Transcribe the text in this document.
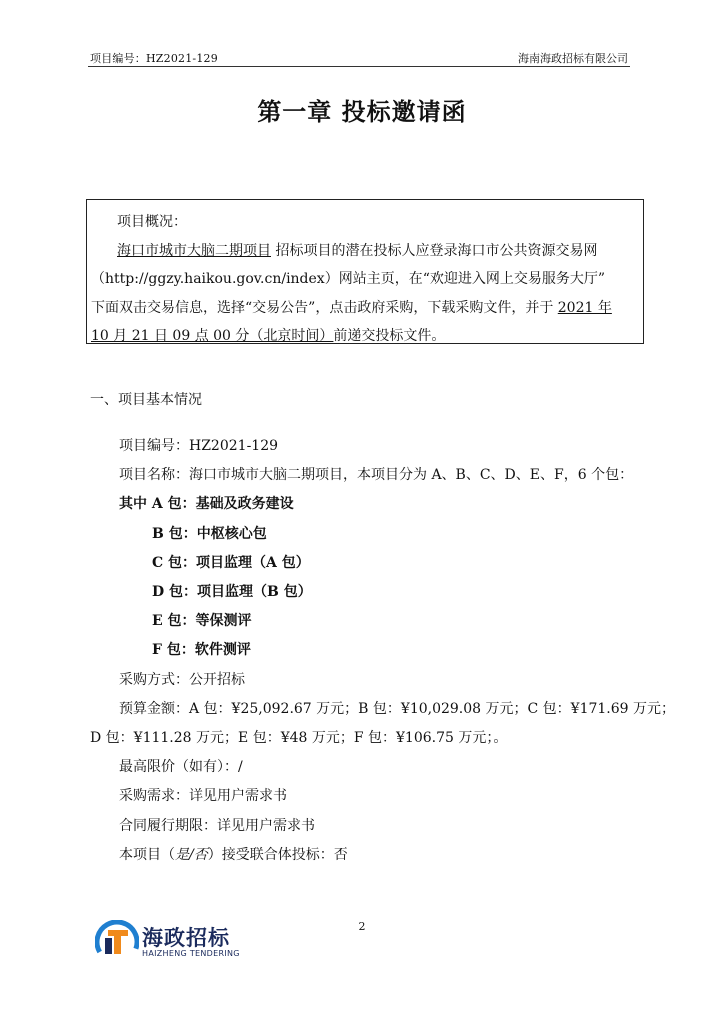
项目编号：HZ2021-129	海南海政招标有限公司
第一章 投标邀请函

项目概况：

海口市城市大脑二期项目 招标项目的潜在投标人应登录海口市公共资源交易网

（http://ggzy.haikou.gov.cn/index）网站主页，在“欢迎进入网上交易服务大厅”

下面双击交易信息，选择“交易公告”，点击政府采购，下载采购文件，并于 2021 年

10 月 21 日 09 点 00 分（北京时间）前递交投标文件。

一、项目基本情况

项目编号：HZ2021-129

项目名称：海口市城市大脑二期项目，本项目分为 A、B、C、D、E、F，6 个包：

其中 A 包：基础及政务建设

B 包：中枢核心包

C 包：项目监理（A 包）

D 包：项目监理（B 包）

E 包：等保测评

F 包：软件测评

采购方式：公开招标

预算金额：A 包：¥25,092.67 万元；B 包：¥10,029.08 万元；C 包：¥171.69 万元；

D 包：¥111.28 万元；E 包：¥48 万元；F 包：¥106.75 万元；。

最高限价（如有）：/

采购需求：详见用户需求书

合同履行期限：详见用户需求书

本项目（是/否）接受联合体投标：否

2
海政招标
HAIZHENG TENDERING
